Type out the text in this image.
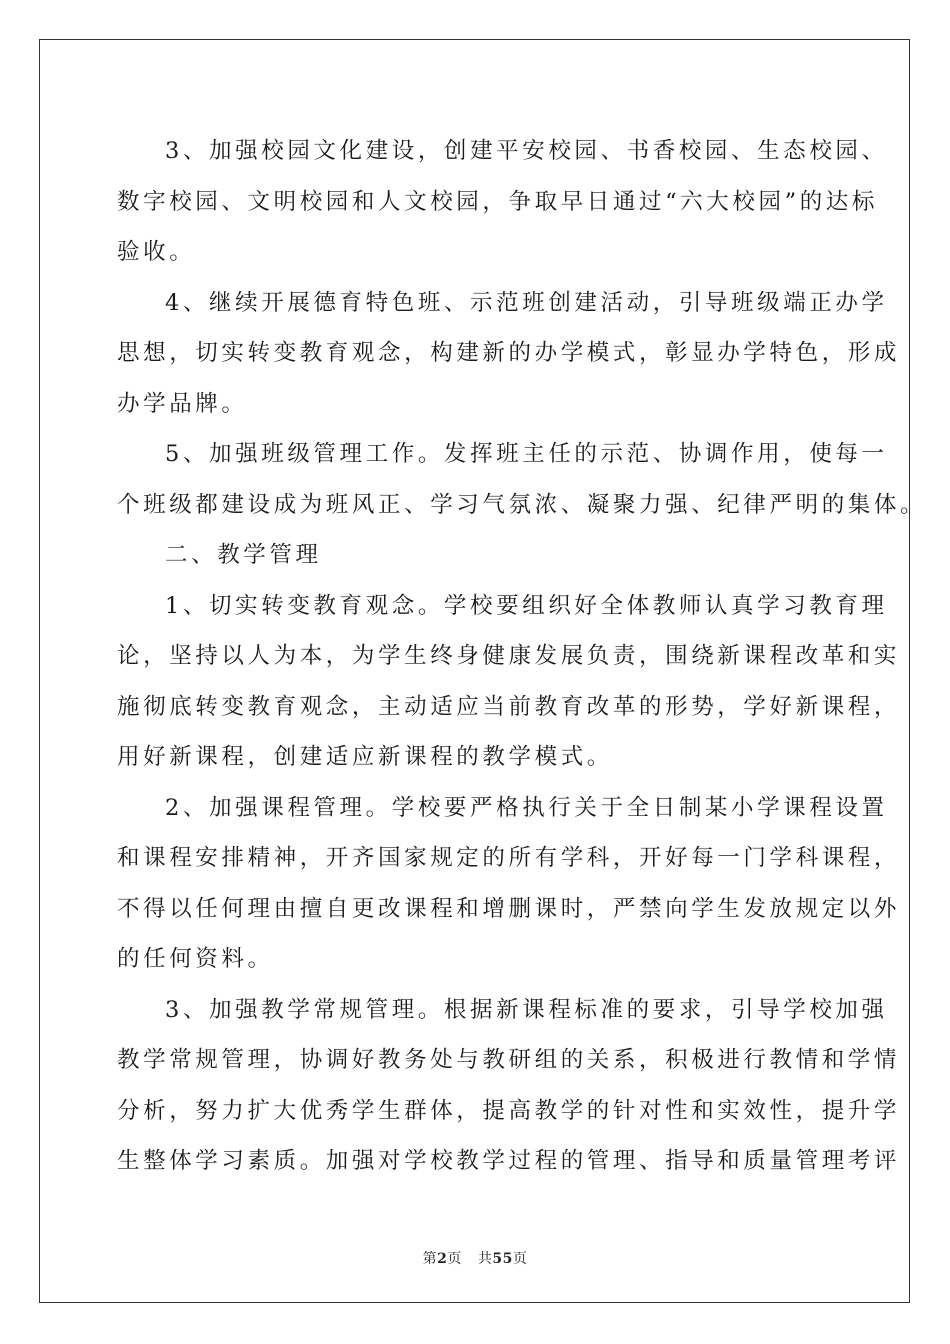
3、加强校园文化建设，创建平安校园、书香校园、生态校园、
数字校园、文明校园和人文校园，争取早日通过“六大校园”的达标
验收。

4、继续开展德育特色班、示范班创建活动，引导班级端正办学
思想，切实转变教育观念，构建新的办学模式，彰显办学特色，形成
办学品牌。

5、加强班级管理工作。发挥班主任的示范、协调作用，使每一
个班级都建设成为班风正、学习气氛浓、凝聚力强、纪律严明的集体。

二、教学管理

1、切实转变教育观念。学校要组织好全体教师认真学习教育理
论，坚持以人为本，为学生终身健康发展负责，围绕新课程改革和实
施彻底转变教育观念，主动适应当前教育改革的形势，学好新课程，
用好新课程，创建适应新课程的教学模式。

2、加强课程管理。学校要严格执行关于全日制某小学课程设置
和课程安排精神，开齐国家规定的所有学科，开好每一门学科课程，
不得以任何理由擅自更改课程和增删课时，严禁向学生发放规定以外
的任何资料。

3、加强教学常规管理。根据新课程标准的要求，引导学校加强
教学常规管理，协调好教务处与教研组的关系，积极进行教情和学情
分析，努力扩大优秀学生群体，提高教学的针对性和实效性，提升学
生整体学习素质。加强对学校教学过程的管理、指导和质量管理考评

第2页 共55页
